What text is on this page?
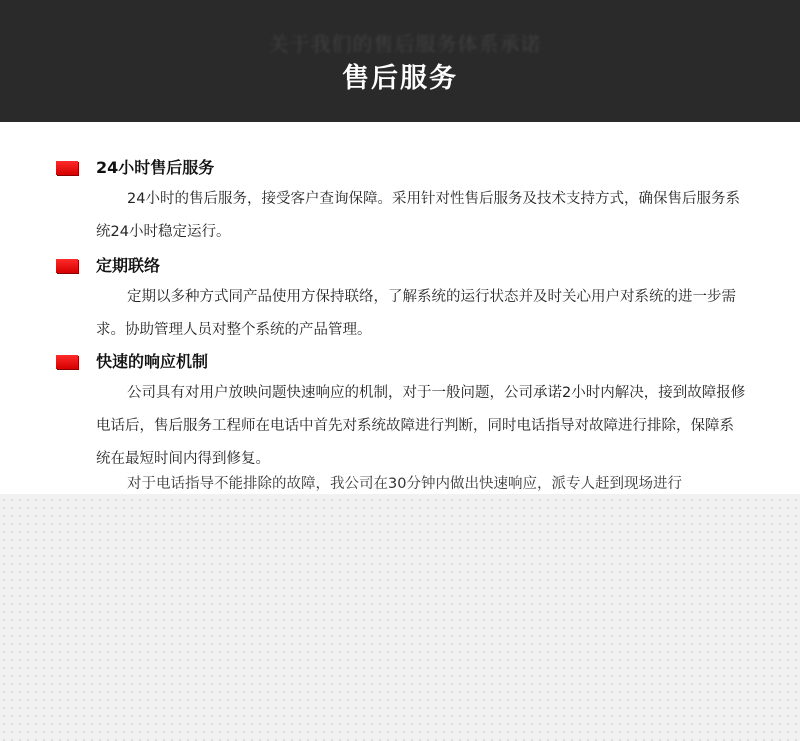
关于我们的售后服务体系承诺
售后服务
24小时售后服务

24小时的售后服务，接受客户查询保障。采用针对性售后服务及技术支持方式，确保售后服务系统24小时稳定运行。

定期联络

定期以多种方式同产品使用方保持联络，了解系统的运行状态并及时关心用户对系统的进一步需求。协助管理人员对整个系统的产品管理。

快速的响应机制

公司具有对用户放映问题快速响应的机制，对于一般问题，公司承诺2小时内解决，接到故障报修电话后，售后服务工程师在电话中首先对系统故障进行判断，同时电话指导对故障进行排除，保障系统在最短时间内得到修复。

对于电话指导不能排除的故障，我公司在30分钟内做出快速响应，派专人赶到现场进行
